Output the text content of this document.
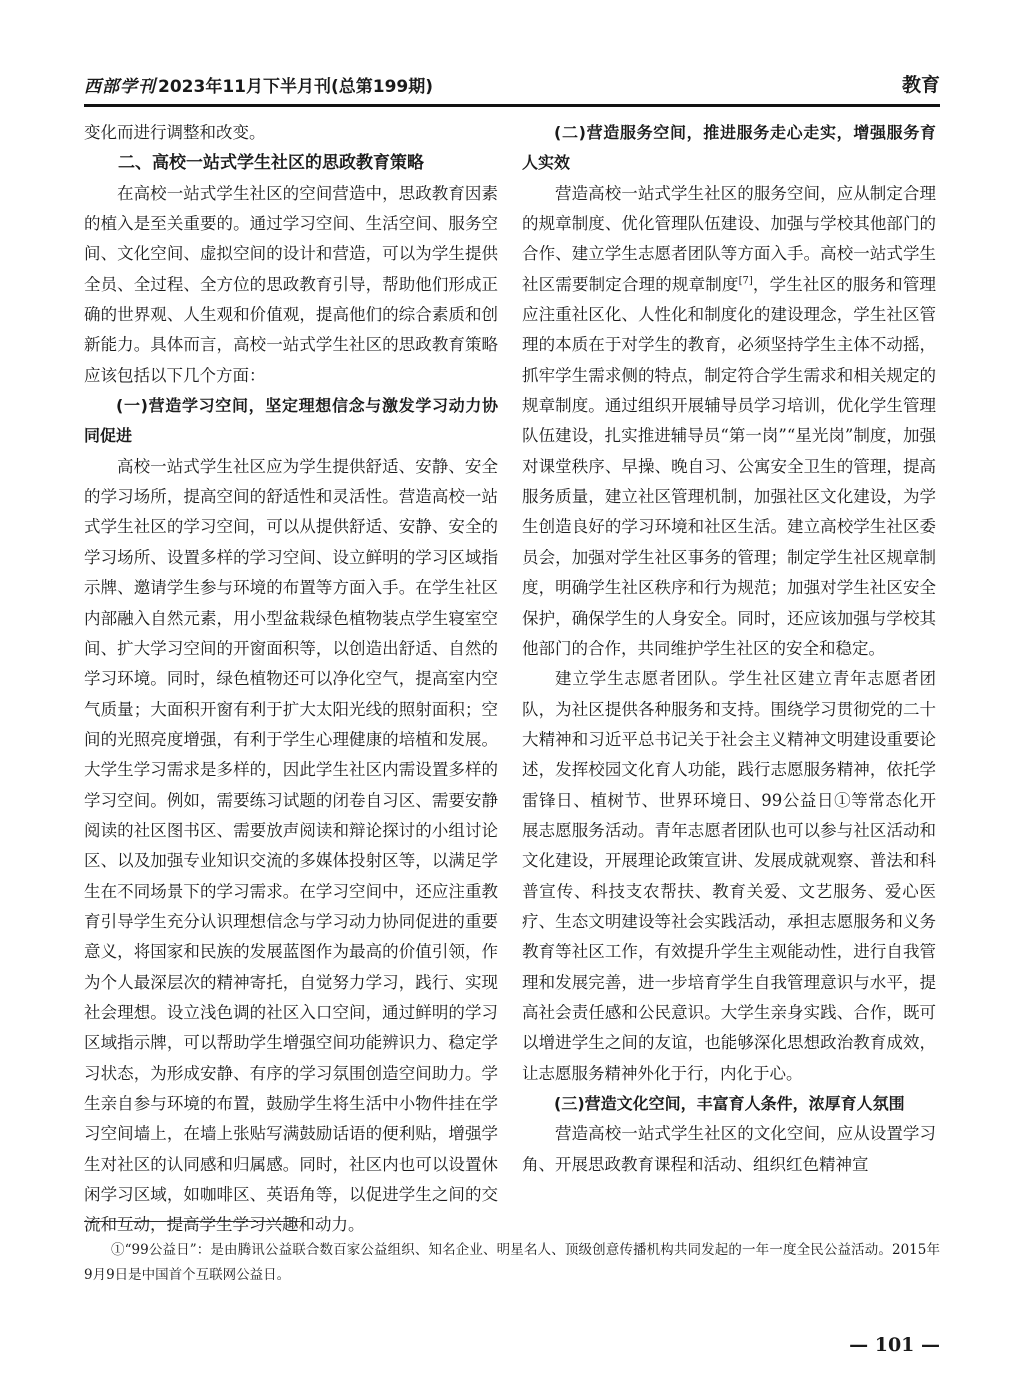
西部学刊 2023年11月下半月刊(总第199期)	教育

变化而进行调整和改变。

二、高校一站式学生社区的思政教育策略

在高校一站式学生社区的空间营造中，思政教育因素的植入是至关重要的。通过学习空间、生活空间、服务空间、文化空间、虚拟空间的设计和营造，可以为学生提供全员、全过程、全方位的思政教育引导，帮助他们形成正确的世界观、人生观和价值观，提高他们的综合素质和创新能力。具体而言，高校一站式学生社区的思政教育策略应该包括以下几个方面：

(一)营造学习空间，坚定理想信念与激发学习动力协同促进

高校一站式学生社区应为学生提供舒适、安静、安全的学习场所，提高空间的舒适性和灵活性。营造高校一站式学生社区的学习空间，可以从提供舒适、安静、安全的学习场所、设置多样的学习空间、设立鲜明的学习区域指示牌、邀请学生参与环境的布置等方面入手。在学生社区内部融入自然元素，用小型盆栽绿色植物装点学生寝室空间、扩大学习空间的开窗面积等，以创造出舒适、自然的学习环境。同时，绿色植物还可以净化空气，提高室内空气质量；大面积开窗有利于扩大太阳光线的照射面积；空间的光照亮度增强，有利于学生心理健康的培植和发展。大学生学习需求是多样的，因此学生社区内需设置多样的学习空间。例如，需要练习试题的闭卷自习区、需要安静阅读的社区图书区、需要放声阅读和辩论探讨的小组讨论区、以及加强专业知识交流的多媒体投射区等，以满足学生在不同场景下的学习需求。在学习空间中，还应注重教育引导学生充分认识理想信念与学习动力协同促进的重要意义，将国家和民族的发展蓝图作为最高的价值引领，作为个人最深层次的精神寄托，自觉努力学习，践行、实现社会理想。设立浅色调的社区入口空间，通过鲜明的学习区域指示牌，可以帮助学生增强空间功能辨识力、稳定学习状态，为形成安静、有序的学习氛围创造空间助力。学生亲自参与环境的布置，鼓励学生将生活中小物件挂在学习空间墙上，在墙上张贴写满鼓励话语的便利贴，增强学生对社区的认同感和归属感。同时，社区内也可以设置休闲学习区域，如咖啡区、英语角等，以促进学生之间的交流和互动，提高学生学习兴趣和动力。

(二)营造服务空间，推进服务走心走实，增强服务育人实效

营造高校一站式学生社区的服务空间，应从制定合理的规章制度、优化管理队伍建设、加强与学校其他部门的合作、建立学生志愿者团队等方面入手。高校一站式学生社区需要制定合理的规章制度[7]，学生社区的服务和管理应注重社区化、人性化和制度化的建设理念，学生社区管理的本质在于对学生的教育，必须坚持学生主体不动摇，抓牢学生需求侧的特点，制定符合学生需求和相关规定的规章制度。通过组织开展辅导员学习培训，优化学生管理队伍建设，扎实推进辅导员“第一岗”“星光岗”制度，加强对课堂秩序、早操、晚自习、公寓安全卫生的管理，提高服务质量，建立社区管理机制，加强社区文化建设，为学生创造良好的学习环境和社区生活。建立高校学生社区委员会，加强对学生社区事务的管理；制定学生社区规章制度，明确学生社区秩序和行为规范；加强对学生社区安全保护，确保学生的人身安全。同时，还应该加强与学校其他部门的合作，共同维护学生社区的安全和稳定。

建立学生志愿者团队。学生社区建立青年志愿者团队，为社区提供各种服务和支持。围绕学习贯彻党的二十大精神和习近平总书记关于社会主义精神文明建设重要论述，发挥校园文化育人功能，践行志愿服务精神，依托学雷锋日、植树节、世界环境日、99公益日①等常态化开展志愿服务活动。青年志愿者团队也可以参与社区活动和文化建设，开展理论政策宣讲、发展成就观察、普法和科普宣传、科技支农帮扶、教育关爱、文艺服务、爱心医疗、生态文明建设等社会实践活动，承担志愿服务和义务教育等社区工作，有效提升学生主观能动性，进行自我管理和发展完善，进一步培育学生自我管理意识与水平，提高社会责任感和公民意识。大学生亲身实践、合作，既可以增进学生之间的友谊，也能够深化思想政治教育成效，让志愿服务精神外化于行，内化于心。

(三)营造文化空间，丰富育人条件，浓厚育人氛围

营造高校一站式学生社区的文化空间，应从设置学习角、开展思政教育课程和活动、组织红色精神宣

①“99公益日”：是由腾讯公益联合数百家公益组织、知名企业、明星名人、顶级创意传播机构共同发起的一年一度全民公益活动。2015年9月9日是中国首个互联网公益日。
— 101 —
